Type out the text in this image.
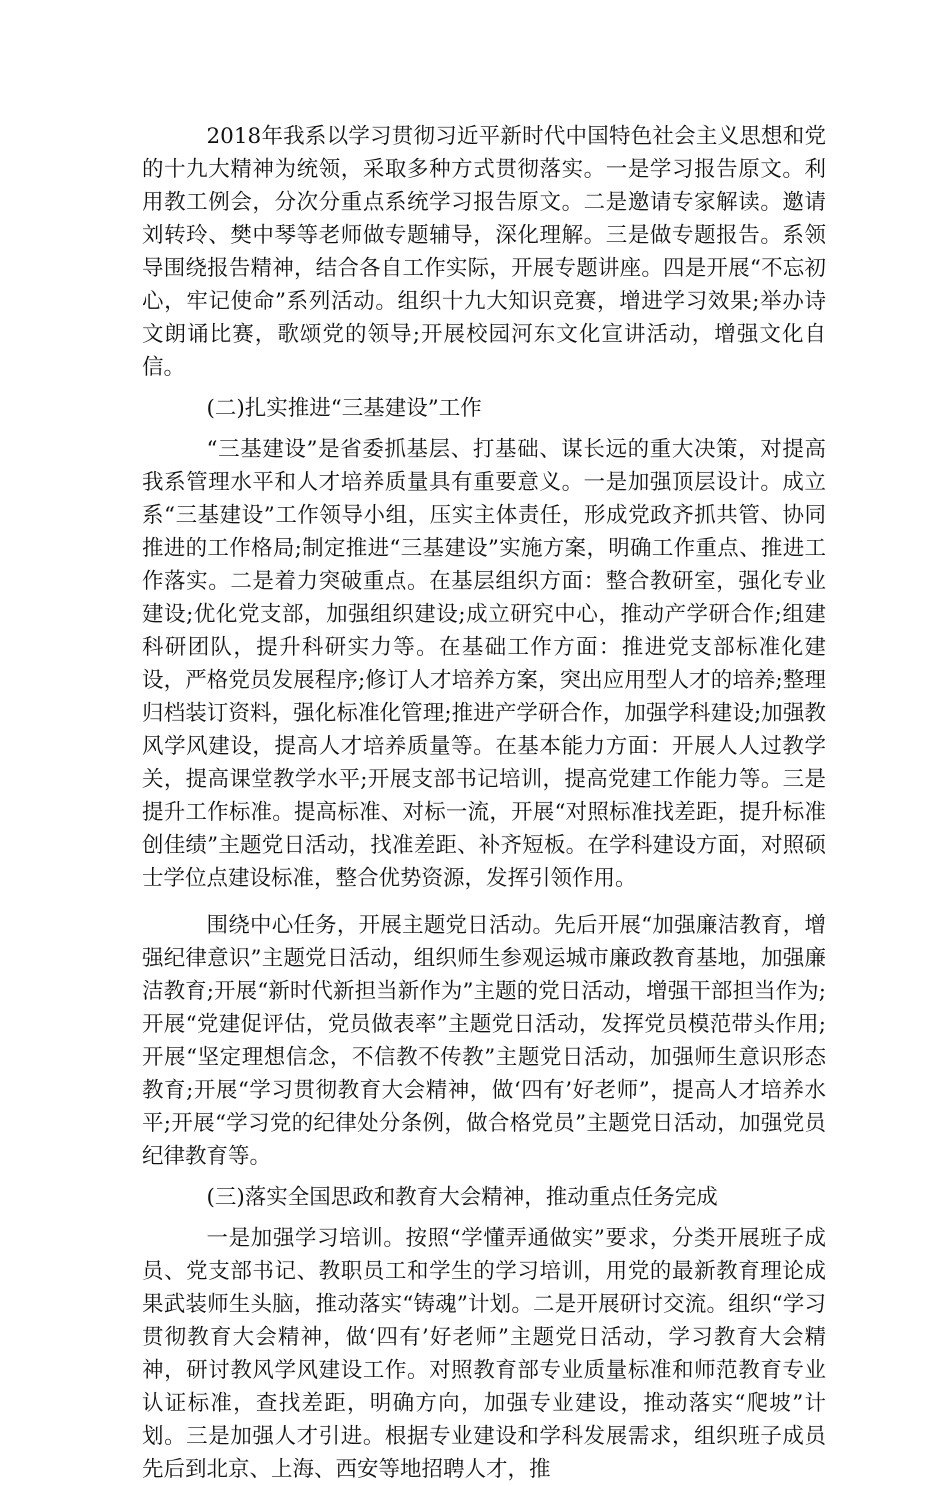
2018年我系以学习贯彻习近平新时代中国特色社会主义思想和党的十九大精神为统领，采取多种方式贯彻落实。一是学习报告原文。利用教工例会，分次分重点系统学习报告原文。二是邀请专家解读。邀请刘转玲、樊中琴等老师做专题辅导，深化理解。三是做专题报告。系领导围绕报告精神，结合各自工作实际，开展专题讲座。四是开展“不忘初心，牢记使命”系列活动。组织十九大知识竞赛，增进学习效果;举办诗文朗诵比赛，歌颂党的领导;开展校园河东文化宣讲活动，增强文化自信。

(二)扎实推进“三基建设”工作

“三基建设”是省委抓基层、打基础、谋长远的重大决策，对提高我系管理水平和人才培养质量具有重要意义。一是加强顶层设计。成立系“三基建设”工作领导小组，压实主体责任，形成党政齐抓共管、协同推进的工作格局;制定推进“三基建设”实施方案，明确工作重点、推进工作落实。二是着力突破重点。在基层组织方面：整合教研室，强化专业建设;优化党支部，加强组织建设;成立研究中心，推动产学研合作;组建科研团队，提升科研实力等。在基础工作方面：推进党支部标准化建设，严格党员发展程序;修订人才培养方案，突出应用型人才的培养;整理归档装订资料，强化标准化管理;推进产学研合作，加强学科建设;加强教风学风建设，提高人才培养质量等。在基本能力方面：开展人人过教学关，提高课堂教学水平;开展支部书记培训，提高党建工作能力等。三是提升工作标准。提高标准、对标一流，开展“对照标准找差距，提升标准创佳绩”主题党日活动，找准差距、补齐短板。在学科建设方面，对照硕士学位点建设标准，整合优势资源，发挥引领作用。

围绕中心任务，开展主题党日活动。先后开展“加强廉洁教育，增强纪律意识”主题党日活动，组织师生参观运城市廉政教育基地，加强廉洁教育;开展“新时代新担当新作为”主题的党日活动，增强干部担当作为;开展“党建促评估，党员做表率”主题党日活动，发挥党员模范带头作用;开展“坚定理想信念，不信教不传教”主题党日活动，加强师生意识形态教育;开展“学习贯彻教育大会精神，做‘四有’好老师”，提高人才培养水平;开展“学习党的纪律处分条例，做合格党员”主题党日活动，加强党员纪律教育等。

(三)落实全国思政和教育大会精神，推动重点任务完成

一是加强学习培训。按照“学懂弄通做实”要求，分类开展班子成员、党支部书记、教职员工和学生的学习培训，用党的最新教育理论成果武装师生头脑，推动落实“铸魂”计划。二是开展研讨交流。组织“学习贯彻教育大会精神，做‘四有’好老师”主题党日活动，学习教育大会精神，研讨教风学风建设工作。对照教育部专业质量标准和师范教育专业认证标准，查找差距，明确方向，加强专业建设，推动落实“爬坡”计划。三是加强人才引进。根据专业建设和学科发展需求，组织班子成员先后到北京、上海、西安等地招聘人才，推
